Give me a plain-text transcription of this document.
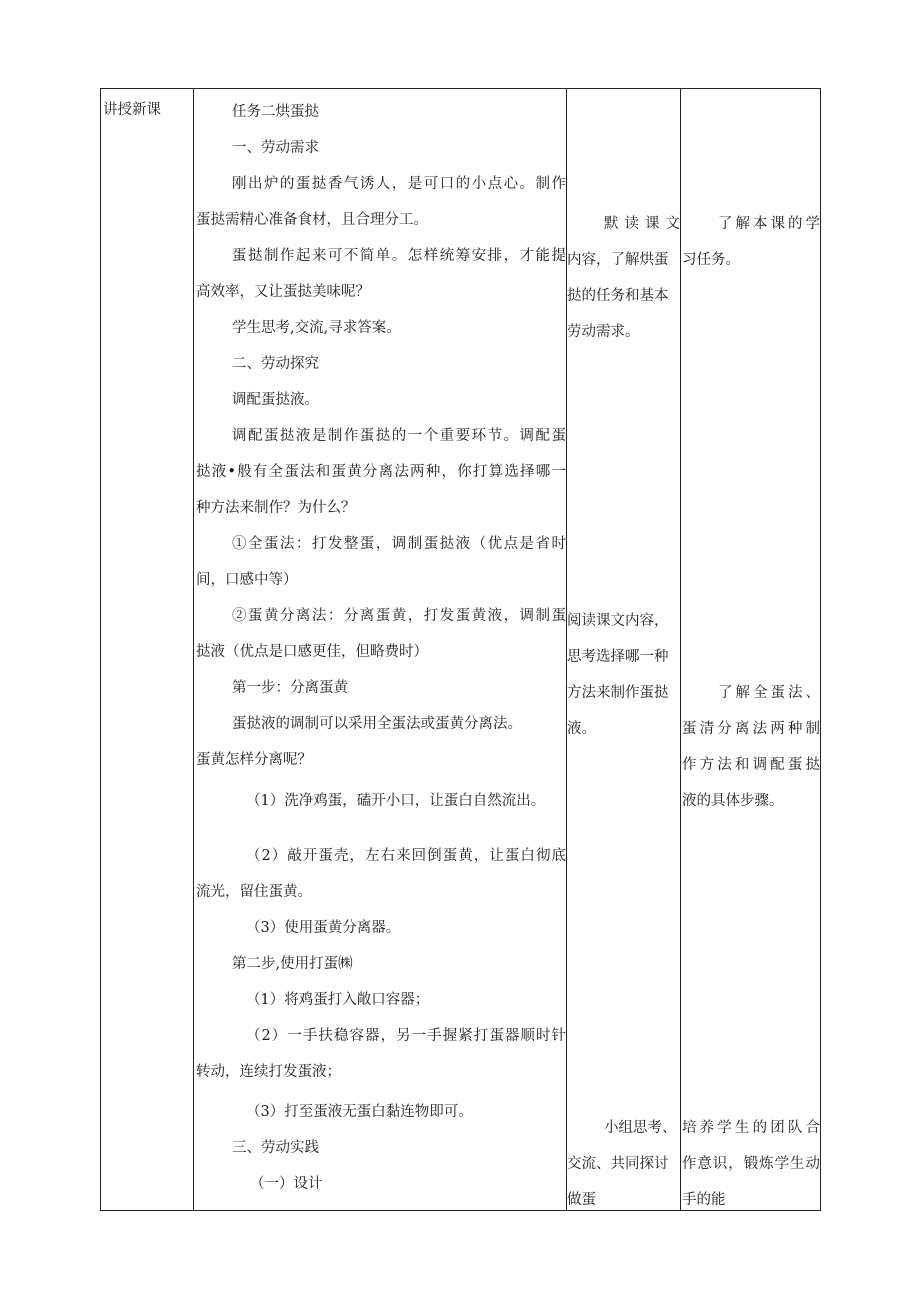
讲授新课	任务二烘蛋挞
一、劳动需求
刚出炉的蛋挞香气诱人，是可口的小点心。制作
蛋挞需精心准备食材，且合理分工。
蛋挞制作起来可不简单。怎样统筹安排，才能提
高效率，又让蛋挞美味呢？
学生思考,交流,寻求答案。
二、劳动探究
调配蛋挞液。
调配蛋挞液是制作蛋挞的一个重要环节。调配蛋
挞液•般有全蛋法和蛋黄分离法两种，你打算选择哪一
种方法来制作？为什么？
①全蛋法：打发整蛋，调制蛋挞液（优点是省时
间，口感中等）
②蛋黄分离法：分离蛋黄，打发蛋黄液，调制蛋
挞液（优点是口感更佳，但略费时）
第一步：分离蛋黄
蛋挞液的调制可以采用全蛋法或蛋黄分离法。
蛋黄怎样分离呢？
（1）洗净鸡蛋，磕开小口，让蛋白自然流出。
（2）敲开蛋壳，左右来回倒蛋黄，让蛋白彻底
流光，留住蛋黄。
（3）使用蛋黄分离器。
第二步,使用打蛋㈱
（1）将鸡蛋打入敞口容器；
（2）一手扶稳容器，另一手握紧打蛋器顺时针
转动，连续打发蛋液；
（3）打至蛋液无蛋白黏连物即可。
三、劳动实践
（一）设计
默读课文
内容，了解烘蛋
挞的任务和基本
劳动需求。
阅读课文内容，
思考选择哪一种
方法来制作蛋挞
液。
小组思考、
交流、共同探讨
做蛋
了解本课的学
习任务。
了解全蛋法、
蛋清分离法两种制
作方法和调配蛋挞
液的具体步骤。
培养学生的团队合
作意识，锻炼学生动
手的能
